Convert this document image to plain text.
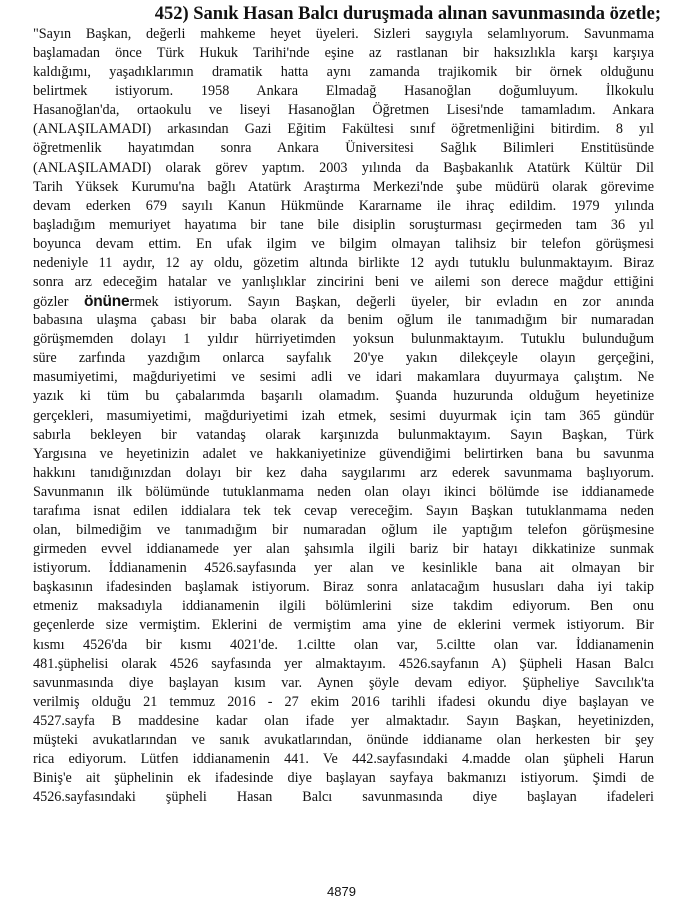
452) Sanık Hasan Balcı duruşmada alınan savunmasında özetle;
"Sayın Başkan, değerli mahkeme heyet üyeleri. Sizleri saygıyla selamlıyorum. Savunmama
başlamadan önce Türk Hukuk Tarihi'nde eşine az rastlanan bir haksızlıkla karşı karşıya
kaldığımı, yaşadıklarımın dramatik hatta aynı zamanda trajikomik bir örnek olduğunu
belirtmek istiyorum. 1958 Ankara Elmadağ Hasanoğlan doğumluyum. İlkokulu
Hasanoğlan'da, ortaokulu ve liseyi Hasanoğlan Öğretmen Lisesi'nde tamamladım. Ankara
(ANLAŞILAMADI) arkasından Gazi Eğitim Fakültesi sınıf öğretmenliğini bitirdim. 8 yıl
öğretmenlik hayatımdan sonra Ankara Üniversitesi Sağlık Bilimleri Enstitüsünde
(ANLAŞILAMADI) olarak görev yaptım. 2003 yılında da Başbakanlık Atatürk Kültür Dil
Tarih Yüksek Kurumu'na bağlı Atatürk Araştırma Merkezi'nde şube müdürü olarak görevime
devam ederken 679 sayılı Kanun Hükmünde Kararname ile ihraç edildim. 1979 yılında
başladığım memuriyet hayatıma bir tane bile disiplin soruşturması geçirmeden tam 36 yıl
boyunca devam ettim. En ufak ilgim ve bilgim olmayan talihsiz bir telefon görüşmesi
nedeniyle 11 aydır, 12 ay oldu, gözetim altında birlikte 12 aydı tutuklu bulunmaktayım. Biraz
sonra arz edeceğim hatalar ve yanlışlıklar zincirini beni ve ailemi son derece mağdur ettiğini
gözler önünermek istiyorum. Sayın Başkan, değerli üyeler, bir evladın en zor anında
babasına ulaşma çabası bir baba olarak da benim oğlum ile tanımadığım bir numaradan
görüşmemden dolayı 1 yıldır hürriyetimden yoksun bulunmaktayım. Tutuklu bulunduğum
süre zarfında yazdığım onlarca sayfalık 20'ye yakın dilekçeyle olayın gerçeğini,
masumiyetimi, mağduriyetimi ve sesimi adli ve idari makamlara duyurmaya çalıştım. Ne
yazık ki tüm bu çabalarımda başarılı olamadım. Şuanda huzurunda olduğum heyetinize
gerçekleri, masumiyetimi, mağduriyetimi izah etmek, sesimi duyurmak için tam 365 gündür
sabırla bekleyen bir vatandaş olarak karşınızda bulunmaktayım. Sayın Başkan, Türk
Yargısına ve heyetinizin adalet ve hakkaniyetinize güvendiğimi belirtirken bana bu savunma
hakkını tanıdığınızdan dolayı bir kez daha saygılarımı arz ederek savunmama başlıyorum.
Savunmanın ilk bölümünde tutuklanmama neden olan olayı ikinci bölümde ise iddianamede
tarafıma isnat edilen iddialara tek tek cevap vereceğim. Sayın Başkan tutuklanmama neden
olan, bilmediğim ve tanımadığım bir numaradan oğlum ile yaptığım telefon görüşmesine
girmeden evvel iddianamede yer alan şahsımla ilgili bariz bir hatayı dikkatinize sunmak
istiyorum. İddianamenin 4526.sayfasında yer alan ve kesinlikle bana ait olmayan bir
başkasının ifadesinden başlamak istiyorum. Biraz sonra anlatacağım hususları daha iyi takip
etmeniz maksadıyla iddianamenin ilgili bölümlerini size takdim ediyorum. Ben onu
geçenlerde size vermiştim. Eklerini de vermiştim ama yine de eklerini vermek istiyorum. Bir
kısmı 4526'da bir kısmı 4021'de. 1.ciltte olan var, 5.ciltte olan var. İddianamenin
481.şüphelisi olarak 4526 sayfasında yer almaktayım. 4526.sayfanın A) Şüpheli Hasan Balcı
savunmasında diye başlayan kısım var. Aynen şöyle devam ediyor. Şüpheliye Savcılık'ta
verilmiş olduğu 21 temmuz 2016 - 27 ekim 2016 tarihli ifadesi okundu diye başlayan ve
4527.sayfa B maddesine kadar olan ifade yer almaktadır. Sayın Başkan, heyetinizden,
müşteki avukatlarından ve sanık avukatlarından, önünde iddianame olan herkesten bir şey
rica ediyorum. Lütfen iddianamenin 441. Ve 442.sayfasındaki 4.madde olan şüpheli Harun
Biniş'e ait şüphelinin ek ifadesinde diye başlayan sayfaya bakmanızı istiyorum. Şimdi de
4526.sayfasındaki şüpheli Hasan Balcı savunmasında diye başlayan ifadeleri

4879
